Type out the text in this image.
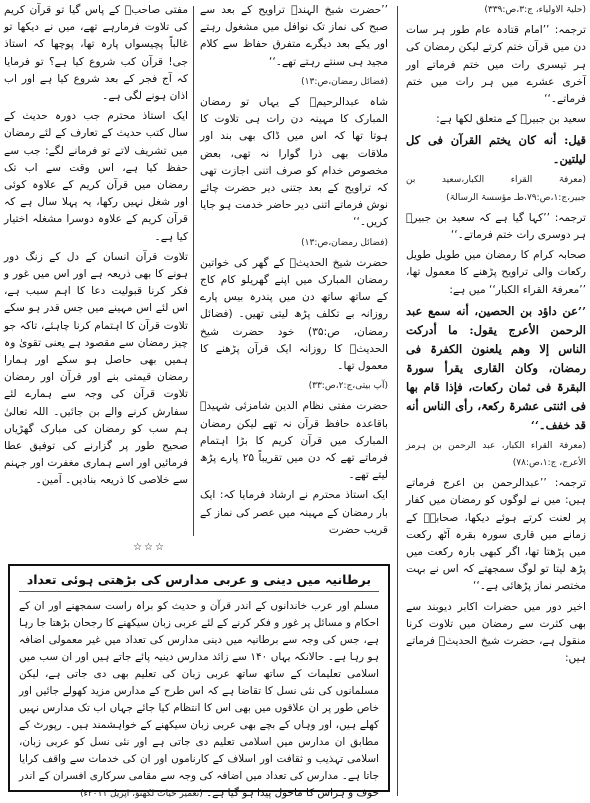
(حلیۃ الاولیاء، ج:۳،ص:۳۳۹)

ترجمہ: ’’امام قتادہ عام طور ہر سات دن میں قرآن ختم کرتے لیکن رمضان کی ہر تیسری رات میں ختم فرماتے اور آخری عشرے میں ہر رات میں ختم فرماتے۔‘‘

سعید بن جبیرؒ کے متعلق لکھا ہے:

قیل: أنه کان یختم القرآن فی کل لیلتین۔

(معرفۃ القراء الکبار،سعید بن جبیر،ج:۱،ص:۷۹،طـ مؤسسۃ الرسالۃ)

ترجمہ: ’’کہا گیا ہے کہ سعید بن جبیرؒ ہر دوسری رات ختم فرماتے۔‘‘

صحابہ کرام کا رمضان میں طویل طویل رکعات والی تراویح پڑھنے کا معمول تھا، ’’معرفۃ القراء الکبار‘‘ میں ہے:

’’عن داؤد بن الحصین، أنه سمع عبد الرحمن الأعرج یقول: ما أدرکت الناس إلا وهم یلعنون الکفرۃ فی رمضان، وکان القاری یقرأ سورۃ البقرۃ فی ثمان رکعات، فإذا قام بها فی اثنتی عشرۃ رکعۃ، رأی الناس أنه قد خفف۔‘‘

(معرفۃ القراء الکبار، عبد الرحمن بن ہرمز الأعرج، ج:۱،ص:۷۸)

ترجمہ: ’’عبدالرحمن بن اعرج فرماتے ہیں: میں نے لوگوں کو رمضان میں کفار پر لعنت کرتے ہوئے دیکھا، صحابہؓ کے زمانے میں قاری سورہ بقرہ آٹھ رکعت میں پڑھتا تھا، اگر کبھی بارہ رکعت میں پڑھ لیتا تو لوگ سمجھتے کہ اس نے بہت مختصر نماز پڑھائی ہے۔‘‘

اخیر دور میں حضرات اکابر دیوبند سے بھی کثرت سے رمضان میں تلاوت کرنا منقول ہے، حضرت شیخ الحدیثؒ فرماتے ہیں:

’’حضرت شیخ الہندؒ تراویح کے بعد سے صبح کی نماز تک نوافل میں مشغول رہتے اور یکے بعد دیگرے متفرق حفاظ سے کلام مجید ہی سنتے رہتے تھے۔‘‘

(فضائل رمضان،ص:۱۳)

شاہ عبدالرحیمؒ کے یہاں تو رمضان المبارک کا مہینہ دن رات ہی تلاوت کا ہوتا تھا کہ اس میں ڈاک بھی بند اور ملاقات بھی ذرا گوارا نہ تھی، بعض مخصوص خدام کو صرف اتنی اجازت تھی کہ تراویح کے بعد جتنی دیر حضرت چائے نوش فرماتے اتنی دیر حاضر خدمت ہو جایا کریں۔‘‘

(فضائل رمضان،ص:۱۳)

حضرت شیخ الحدیثؒ کے گھر کی خواتین رمضان المبارک میں اپنے گھریلو کام کاج کے ساتھ ساتھ دن میں پندرہ بیس پارے روزانہ بے تکلف پڑھ لیتی تھیں۔ (فضائل رمضان، ص:۳۵) خود حضرت شیخ الحدیثؒ کا روزانہ ایک قرآن پڑھنے کا معمول تھا۔

(آپ بیتی،ج:۲،ص:۳۳)

حضرت مفتی نظام الدین شامزئی شہیدؒ باقاعدہ حافظ قرآن نہ تھے لیکن رمضان المبارک میں قرآن کریم کا بڑا اہتمام فرماتے تھے کہ دن میں تقریباً ۲۵ پارے پڑھ لیتے تھے۔

ایک استاذ محترم نے ارشاد فرمایا کہ: ایک بار رمضان کے مہینہ میں عصر کی نماز کے قریب حضرت

مفتی صاحبؒ کے پاس گیا تو قرآن کریم کی تلاوت فرمارہے تھے، میں نے دیکھا تو غالباً پچیسواں پارہ تھا، پوچھا کہ استاذ جی! قرآن کب شروع کیا ہے؟ تو فرمایا کہ آج فجر کے بعد شروع کیا ہے اور اب اذان ہونے لگی ہے۔

ایک استاذ محترم جب دورہ حدیث کے سال کتب حدیث کے تعارف کے لئے رمضان میں تشریف لاتے تو فرمانے لگے: جب سے حفظ کیا ہے، اس وقت سے اب تک رمضان میں قرآن کریم کے علاوہ کوئی اور شغل نہیں رکھا، یہ پہلا سال ہے کہ قرآن کریم کے علاوہ دوسرا مشغلہ اختیار کیا ہے۔

تلاوت قرآن انسان کے دل کے زنگ دور ہونے کا بھی ذریعہ ہے اور اس میں غور و فکر کرنا قبولیت دعا کا اہم سبب ہے، اس لئے اس مہینے میں جس قدر ہو سکے تلاوت قرآن کا اہتمام کرنا چاہئے، تاکہ جو چیز رمضان سے مقصود ہے یعنی تقویٰ وہ ہمیں بھی حاصل ہو سکے اور ہمارا رمضان قیمتی بنے اور قرآن اور رمضان تلاوت قرآن کی وجہ سے ہمارے لئے سفارش کرنے والے بن جائیں۔ اللہ تعالیٰ ہم سب کو رمضان کی مبارک گھڑیاں صحیح طور پر گزارنے کی توفیق عطا فرمائیں اور اسے ہماری مغفرت اور جہنم سے خلاصی کا ذریعہ بنادیں۔ آمین۔

☆☆☆
برطانیہ میں دینی و عربی مدارس کی بڑھتی ہوئی تعداد
مسلم اور عرب خاندانوں کے اندر قرآن و حدیث کو براہ راست سمجھنے اور ان کے احکام و مسائل پر غور و فکر کرنے کے لئے عربی زبان سیکھنے کا رجحان بڑھتا جا رہا ہے، جس کی وجہ سے برطانیہ میں دینی مدارس کی تعداد میں غیر معمولی اضافہ ہو رہا ہے۔ حالانکہ یہاں ۱۴۰ سے زائد مدارس دینیہ پائے جاتے ہیں اور ان سب میں اسلامی تعلیمات کے ساتھ ساتھ عربی زبان کی تعلیم بھی دی جاتی ہے، لیکن مسلمانوں کی نئی نسل کا تقاضا ہے کہ اس طرح کے مدارس مزید کھولے جائیں اور خاص طور پر ان علاقوں میں بھی اس کا انتظام کیا جائے جہاں اب تک مدارس نہیں کھلے ہیں، اور وہاں کے بچے بھی عربی زبان سیکھنے کے خواہشمند ہیں۔ رپورٹ کے مطابق ان مدارس میں اسلامی تعلیم دی جاتی ہے اور نئی نسل کو عربی زبان، اسلامی تہذیب و ثقافت اور اسلاف کے کارناموں اور ان کی خدمات سے واقف کرایا جاتا ہے۔ مدارس کی تعداد میں اضافہ کی وجہ سے مقامی سرکاری افسران کے اندر خوف و ہراس کا ماحول پیدا ہو گیا ہے۔ (تعمیر حیات لکھنؤ، اپریل ۲۰۱۱ء)
